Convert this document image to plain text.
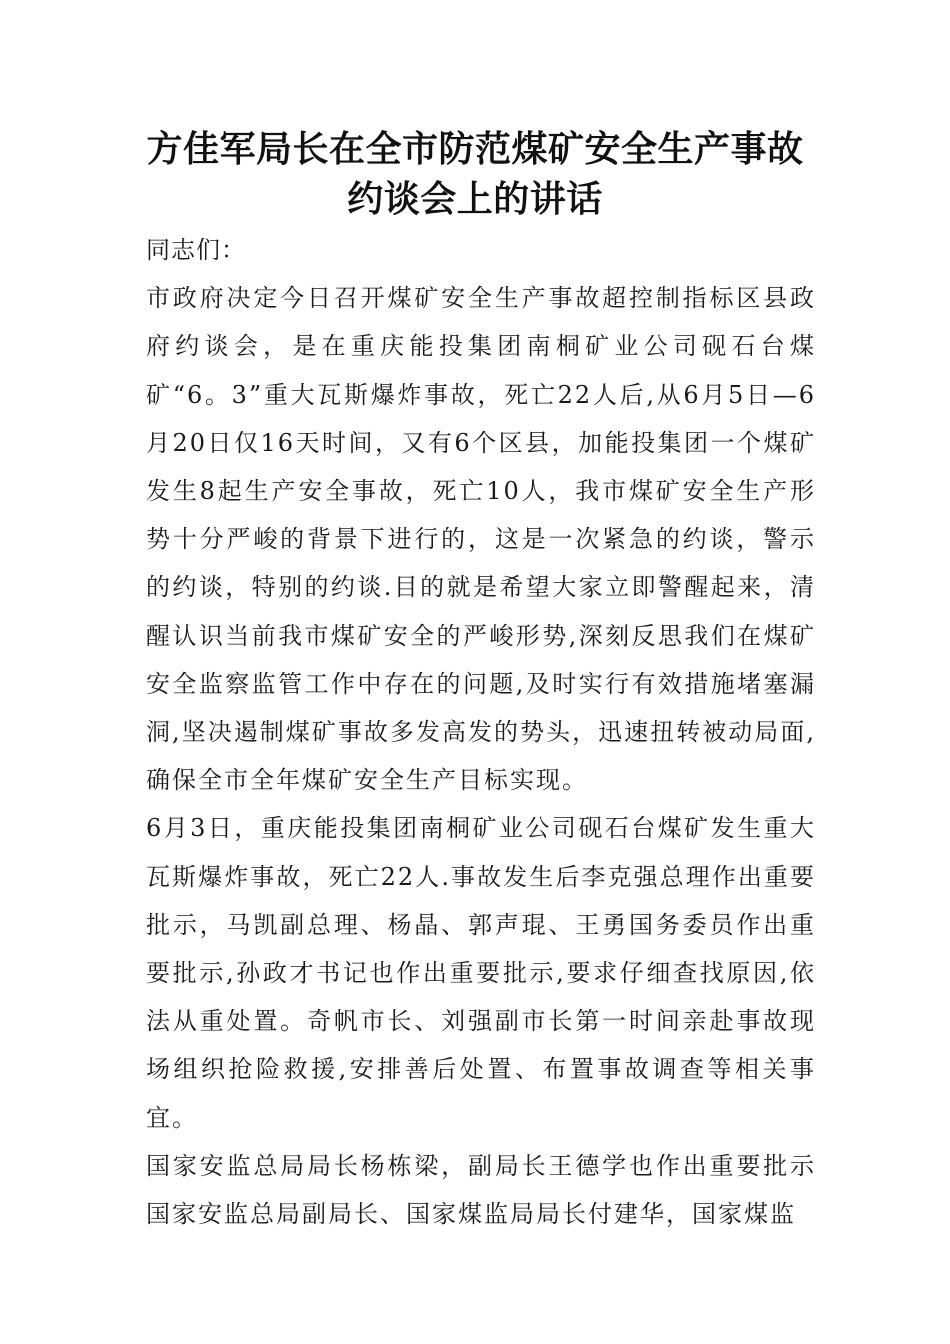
方佳军局长在全市防范煤矿安全生产事故
约谈会上的讲话

同志们：

市政府决定今日召开煤矿安全生产事故超控制指标区县政府约谈会，是在重庆能投集团南桐矿业公司砚石台煤矿“6。3”重大瓦斯爆炸事故，死亡22人后,从6月5日—6月20日仅16天时间，又有6个区县，加能投集团一个煤矿发生8起生产安全事故，死亡10人，我市煤矿安全生产形势十分严峻的背景下进行的，这是一次紧急的约谈，警示的约谈，特别的约谈.目的就是希望大家立即警醒起来，清醒认识当前我市煤矿安全的严峻形势,深刻反思我们在煤矿安全监察监管工作中存在的问题,及时实行有效措施堵塞漏洞,坚决遏制煤矿事故多发高发的势头，迅速扭转被动局面,确保全市全年煤矿安全生产目标实现。

6月3日，重庆能投集团南桐矿业公司砚石台煤矿发生重大瓦斯爆炸事故，死亡22人.事故发生后李克强总理作出重要批示，马凯副总理、杨晶、郭声琨、王勇国务委员作出重要批示,孙政才书记也作出重要批示,要求仔细查找原因,依法从重处置。奇帆市长、刘强副市长第一时间亲赴事故现场组织抢险救援,安排善后处置、布置事故调查等相关事宜。

国家安监总局局长杨栋梁，副局长王德学也作出重要批示国家安监总局副局长、国家煤监局局长付建华，国家煤监
